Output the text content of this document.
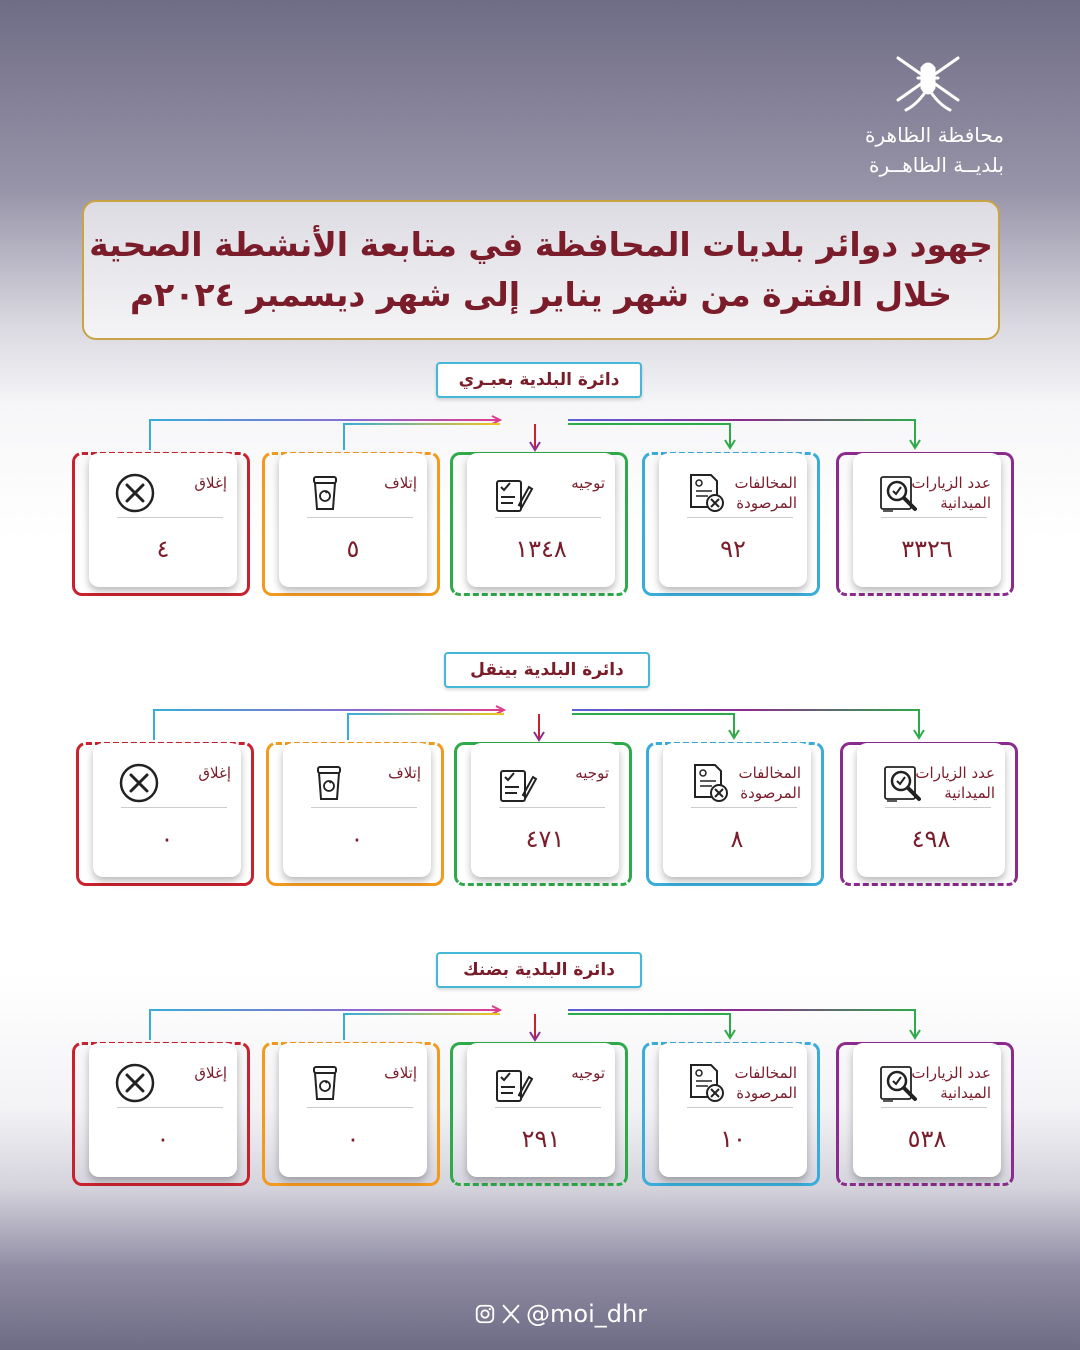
محافظة الظاهرة
بلديــة الظاهــرة
جهود دوائر بلديات المحافظة في متابعة الأنشطة الصحية
خلال الفترة من شهر يناير إلى شهر ديسمبر ٢٠٢٤م
دائرة البلدية بعبـري
إغلاق
٤
إتلاف
٥
توجيه
١٣٤٨
المخالفات المرصودة
٩٢
عدد الزيارات الميدانية
٣٣٢٦
دائرة البلدية بينقل
إغلاق
٠
إتلاف
٠
توجيه
٤٧١
المخالفات المرصودة
٨
عدد الزيارات الميدانية
٤٩٨
دائرة البلدية بضنك
إغلاق
٠
إتلاف
٠
توجيه
٢٩١
المخالفات المرصودة
١٠
عدد الزيارات الميدانية
٥٣٨
@moi_dhr
